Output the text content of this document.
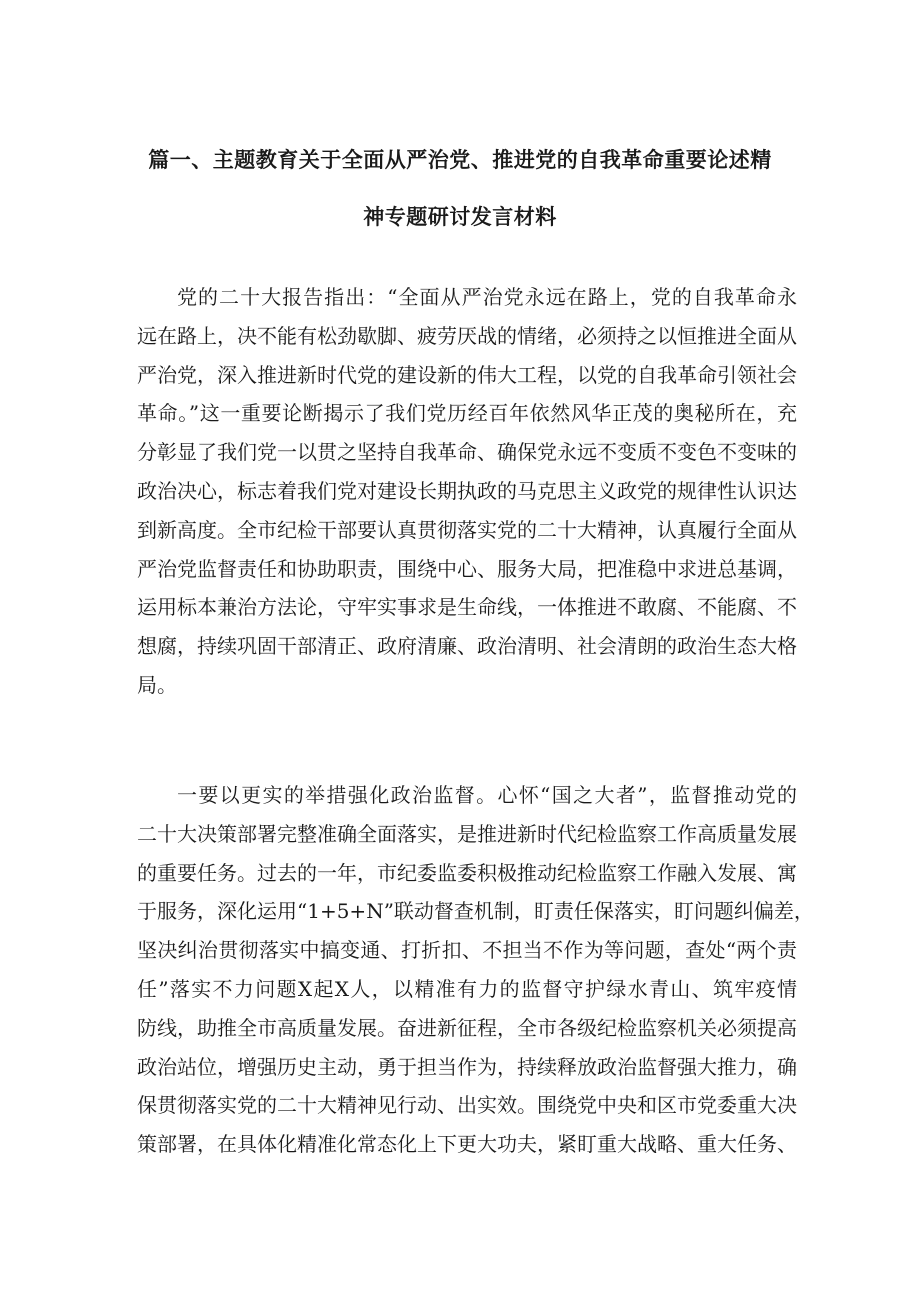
篇一、主题教育关于全面从严治党、推进党的自我革命重要论述精
神专题研讨发言材料
党的二十大报告指出：“全面从严治党永远在路上，党的自我革命永
远在路上，决不能有松劲歇脚、疲劳厌战的情绪，必须持之以恒推进全面从
严治党，深入推进新时代党的建设新的伟大工程，以党的自我革命引领社会
革命。”这一重要论断揭示了我们党历经百年依然风华正茂的奥秘所在，充
分彰显了我们党一以贯之坚持自我革命、确保党永远不变质不变色不变味的
政治决心，标志着我们党对建设长期执政的马克思主义政党的规律性认识达
到新高度。全市纪检干部要认真贯彻落实党的二十大精神，认真履行全面从
严治党监督责任和协助职责，围绕中心、服务大局，把准稳中求进总基调，
运用标本兼治方法论，守牢实事求是生命线，一体推进不敢腐、不能腐、不
想腐，持续巩固干部清正、政府清廉、政治清明、社会清朗的政治生态大格
局。
一要以更实的举措强化政治监督。心怀“国之大者”，监督推动党的
二十大决策部署完整准确全面落实，是推进新时代纪检监察工作高质量发展
的重要任务。过去的一年，市纪委监委积极推动纪检监察工作融入发展、寓
于服务，深化运用“1+5+N”联动督查机制，盯责任保落实，盯问题纠偏差，
坚决纠治贯彻落实中搞变通、打折扣、不担当不作为等问题，查处“两个责
任”落实不力问题X起X人，以精准有力的监督守护绿水青山、筑牢疫情
防线，助推全市高质量发展。奋进新征程，全市各级纪检监察机关必须提高
政治站位，增强历史主动，勇于担当作为，持续释放政治监督强大推力，确
保贯彻落实党的二十大精神见行动、出实效。围绕党中央和区市党委重大决
策部署，在具体化精准化常态化上下更大功夫，紧盯重大战略、重大任务、
